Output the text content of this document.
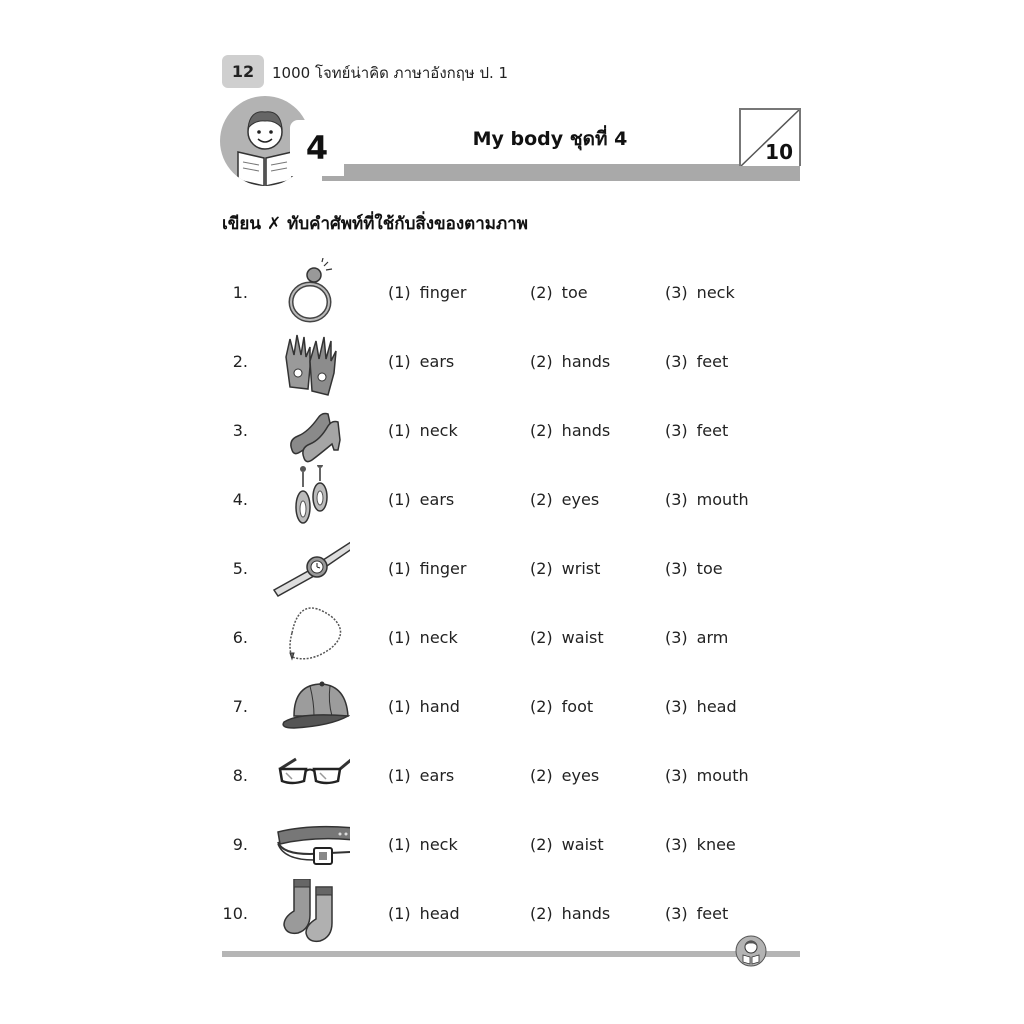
12	1000 โจทย์น่าคิด ภาษาอังกฤษ ป. 1
4	My body ชุดที่ 4
10
เขียน ✗ ทับคำศัพท์ที่ใช้กับสิ่งของตามภาพ
1.	(1) finger	(2) toe	(3) neck
2.	(1) ears	(2) hands	(3) feet
3.	(1) neck	(2) hands	(3) feet
4.	(1) ears	(2) eyes	(3) mouth
5.	(1) finger	(2) wrist	(3) toe
6.	(1) neck	(2) waist	(3) arm
7.	(1) hand	(2) foot	(3) head
8.	(1) ears	(2) eyes	(3) mouth
9.	(1) neck	(2) waist	(3) knee
10.	(1) head	(2) hands	(3) feet
